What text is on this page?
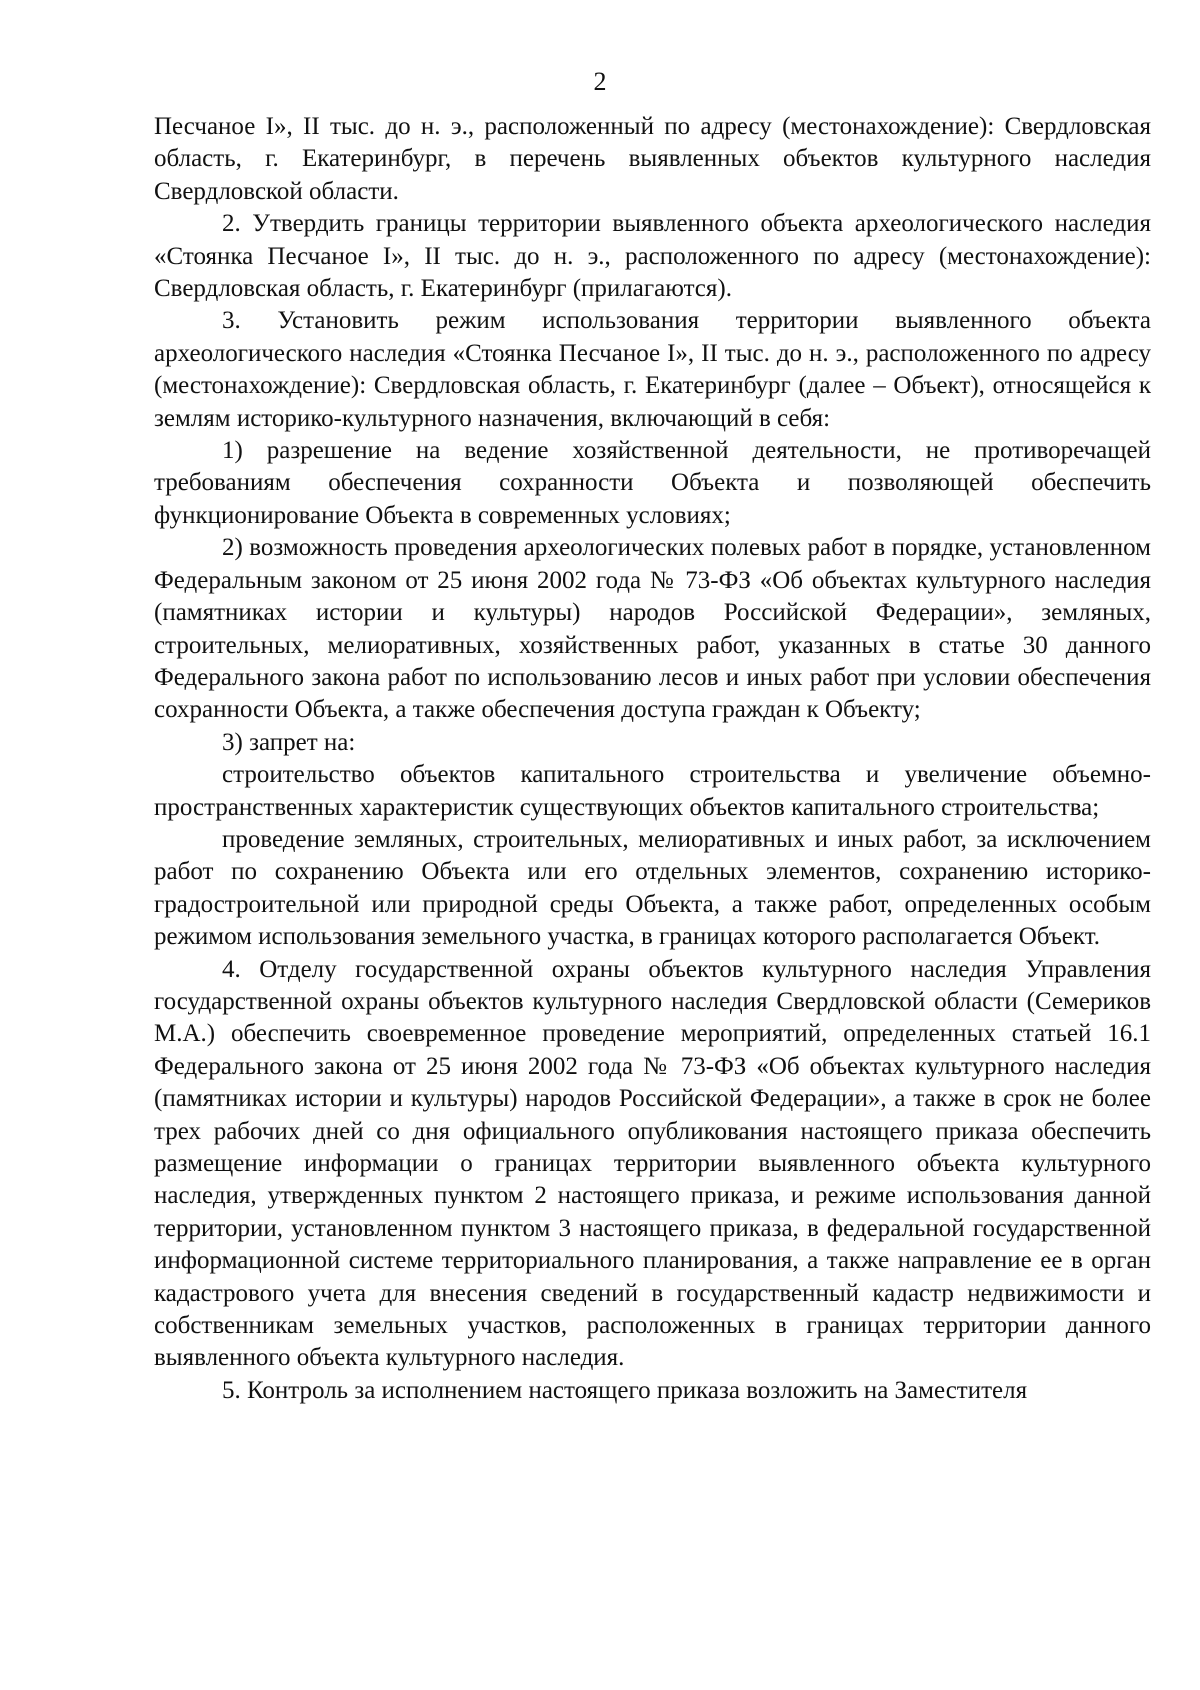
2

Песчаное I», II тыс. до н. э., расположенный по адресу (местонахождение): Свердловская область, г. Екатеринбург, в перечень выявленных объектов культурного наследия Свердловской области.

2. Утвердить границы территории выявленного объекта археологического наследия «Стоянка Песчаное I», II тыс. до н. э., расположенного по адресу (местонахождение): Свердловская область, г. Екатеринбург (прилагаются).

3. Установить режим использования территории выявленного объекта археологического наследия «Стоянка Песчаное I», II тыс. до н. э., расположенного по адресу (местонахождение): Свердловская область, г. Екатеринбург (далее – Объект), относящейся к землям историко-культурного назначения, включающий в себя:

1) разрешение на ведение хозяйственной деятельности, не противоречащей требованиям обеспечения сохранности Объекта и позволяющей обеспечить функционирование Объекта в современных условиях;

2) возможность проведения археологических полевых работ в порядке, установленном Федеральным законом от 25 июня 2002 года № 73-ФЗ «Об объектах культурного наследия (памятниках истории и культуры) народов Российской Федерации», земляных, строительных, мелиоративных, хозяйственных работ, указанных в статье 30 данного Федерального закона работ по использованию лесов и иных работ при условии обеспечения сохранности Объекта, а также обеспечения доступа граждан к Объекту;

3) запрет на:

строительство объектов капитального строительства и увеличение объемно-пространственных характеристик существующих объектов капитального строительства;

проведение земляных, строительных, мелиоративных и иных работ, за исключением работ по сохранению Объекта или его отдельных элементов, сохранению историко-градостроительной или природной среды Объекта, а также работ, определенных особым режимом использования земельного участка, в границах которого располагается Объект.

4. Отделу государственной охраны объектов культурного наследия Управления государственной охраны объектов культурного наследия Свердловской области (Семериков М.А.) обеспечить своевременное проведение мероприятий, определенных статьей 16.1 Федерального закона от 25 июня 2002 года № 73-ФЗ «Об объектах культурного наследия (памятниках истории и культуры) народов Российской Федерации», а также в срок не более трех рабочих дней со дня официального опубликования настоящего приказа обеспечить размещение информации о границах территории выявленного объекта культурного наследия, утвержденных пунктом 2 настоящего приказа, и режиме использования данной территории, установленном пунктом 3 настоящего приказа, в федеральной государственной информационной системе территориального планирования, а также направление ее в орган кадастрового учета для внесения сведений в государственный кадастр недвижимости и собственникам земельных участков, расположенных в границах территории данного выявленного объекта культурного наследия.

5. Контроль за исполнением настоящего приказа возложить на Заместителя
